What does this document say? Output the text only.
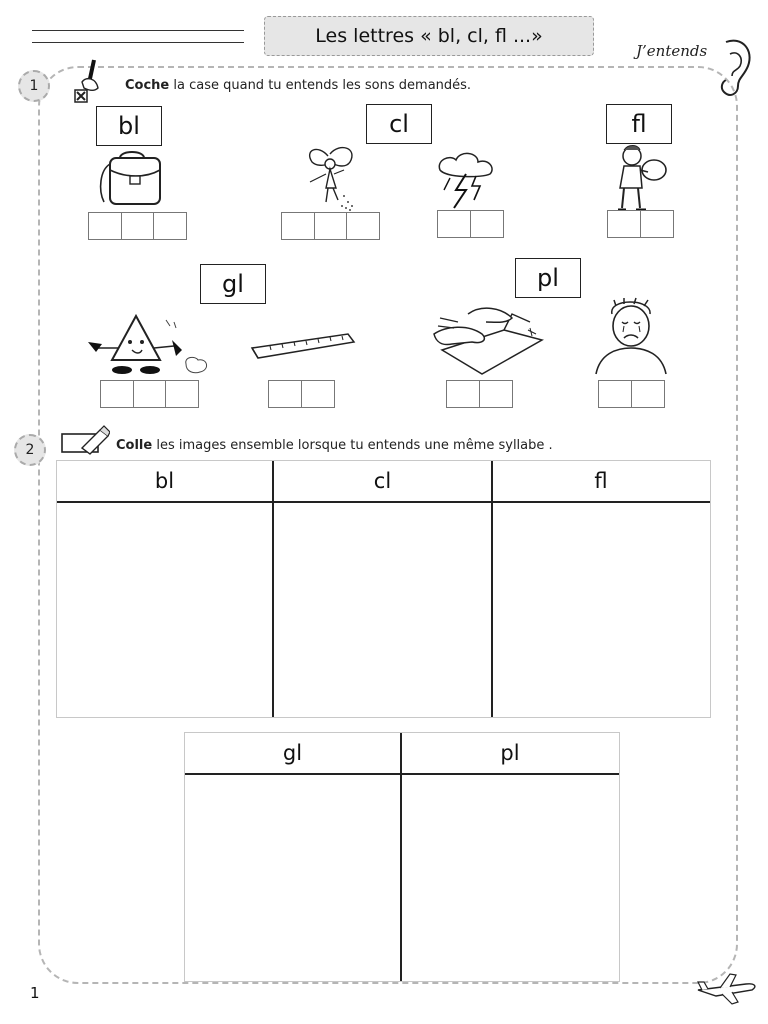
Les lettres « bl, cl, fl ...»
J’entends
1	Coche la case quand tu entends les sons demandés.
bl	cl	fl
gl	pl
2	Colle les images ensemble lorsque tu entends une même syllabe .
bl	cl	fl
gl	pl
1
